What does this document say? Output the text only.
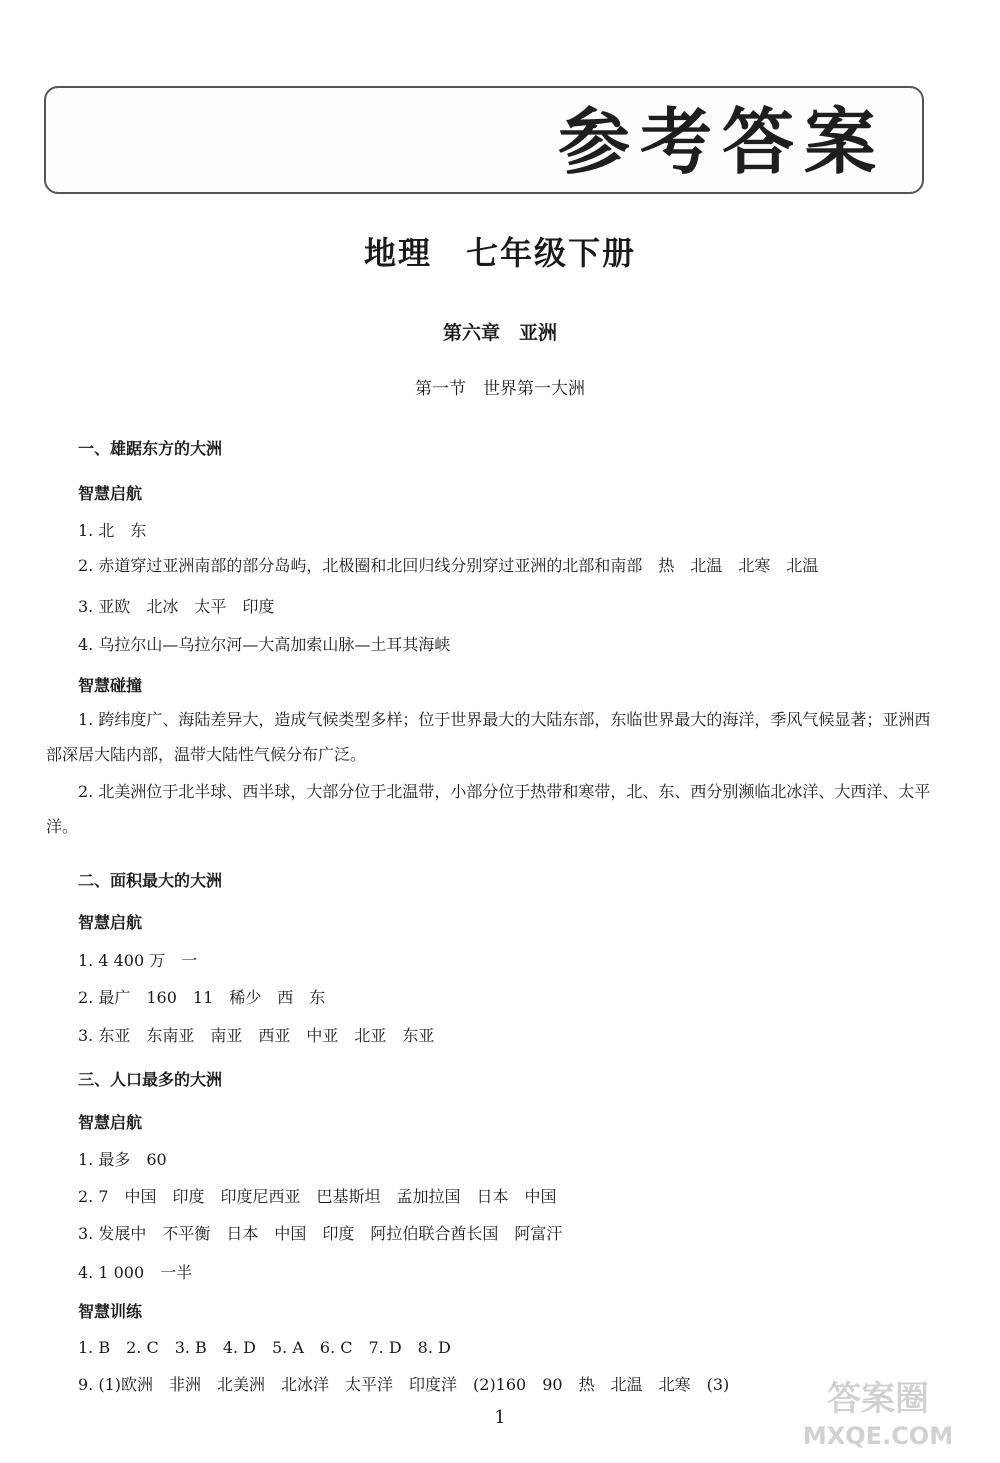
参考答案
地理　七年级下册
第六章　亚洲
第一节　世界第一大洲
一、雄踞东方的大洲
智慧启航
1. 北　东
2. 赤道穿过亚洲南部的部分岛屿，北极圈和北回归线分别穿过亚洲的北部和南部　热　北温　北寒　北温
3. 亚欧　北冰　太平　印度
4. 乌拉尔山—乌拉尔河—大高加索山脉—土耳其海峡
智慧碰撞
1. 跨纬度广、海陆差异大，造成气候类型多样；位于世界最大的大陆东部，东临世界最大的海洋，季风气候显著；亚洲西部深居大陆内部，温带大陆性气候分布广泛。
2. 北美洲位于北半球、西半球，大部分位于北温带，小部分位于热带和寒带，北、东、西分别濒临北冰洋、大西洋、太平洋。
二、面积最大的大洲
智慧启航
1. 4 400 万　一
2. 最广　160　11　稀少　西　东
3. 东亚　东南亚　南亚　西亚　中亚　北亚　东亚
三、人口最多的大洲
智慧启航
1. 最多　60
2. 7　中国　印度　印度尼西亚　巴基斯坦　孟加拉国　日本　中国
3. 发展中　不平衡　日本　中国　印度　阿拉伯联合酋长国　阿富汗
4. 1 000　一半
智慧训练
1. B　2. C　3. B　4. D　5. A　6. C　7. D　8. D
9. (1)欧洲　非洲　北美洲　北冰洋　太平洋　印度洋　(2)160　90　热　北温　北寒　(3)
1	答案圈
MXQE.COM
